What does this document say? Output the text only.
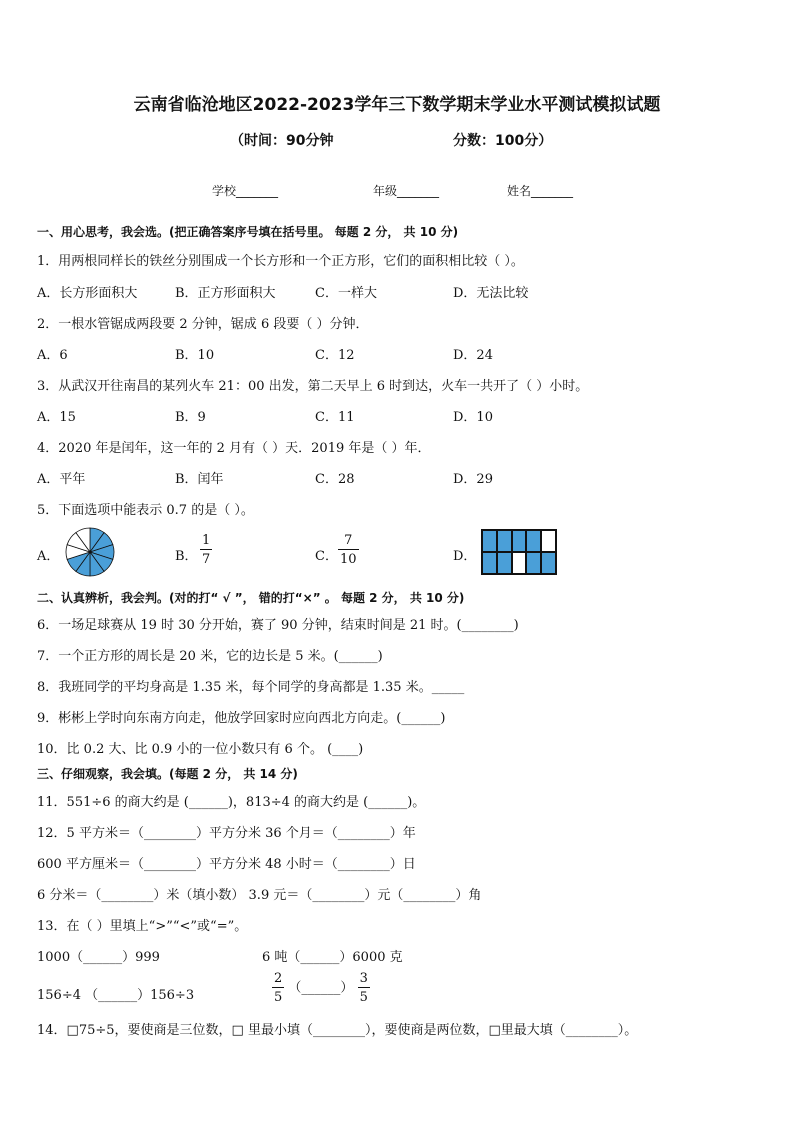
云南省临沧地区2022-2023学年三下数学期末学业水平测试模拟试题
（时间：90分钟	分数：100分）
学校_______	年级_______	姓名_______
一、用心思考，我会选。(把正确答案序号填在括号里。 每题 2 分， 共 10 分)
1．用两根同样长的铁丝分别围成一个长方形和一个正方形，它们的面积相比较（ ）。
A．长方形面积大	B．正方形面积大	C．一样大	D．无法比较
2．一根水管锯成两段要 2 分钟，锯成 6 段要（ ）分钟．
A．6	B．10	C．12	D．24
3．从武汉开往南昌的某列火车 21：00 出发，第二天早上 6 时到达，火车一共开了（ ）小时。
A．15	B．9	C．11	D．10
4．2020 年是闰年，这一年的 2 月有（ ）天．2019 年是（ ）年．
A．平年	B．闰年	C．28	D．29
5．下面选项中能表示 0.7 的是（ ）。
A．	B． $\frac{1}{7}$	C． $\frac{7}{10}$	D．
二、认真辨析，我会判。(对的打“ √ ”， 错的打“×” 。 每题 2 分， 共 10 分)
6．一场足球赛从 19 时 30 分开始，赛了 90 分钟，结束时间是 21 时。(________)
7．一个正方形的周长是 20 米，它的边长是 5 米。(______)
8．我班同学的平均身高是 1.35 米，每个同学的身高都是 1.35 米。_____
9．彬彬上学时向东南方向走，他放学回家时应向西北方向走。(______)
10．比 0.2 大、比 0.9 小的一位小数只有 6 个。 (____)
三、仔细观察，我会填。(每题 2 分， 共 14 分)
11．551÷6 的商大约是 (______)，813÷4 的商大约是 (______)。
12．5 平方米＝（________）平方分米 36 个月＝（________）年
600 平方厘米＝（________）平方分米 48 小时＝（________）日
6 分米＝（________）米（填小数） 3.9 元＝（________）元（________）角
13．在（ ）里填上“>”“<”或“=”。
1000（______）999	6 吨（______）6000 克
156÷4 （______）156÷3	$\frac{2}{5}$ （______） $\frac{3}{5}$
14．□75÷5，要使商是三位数，□ 里最小填（________），要使商是两位数，□里最大填（________）。
